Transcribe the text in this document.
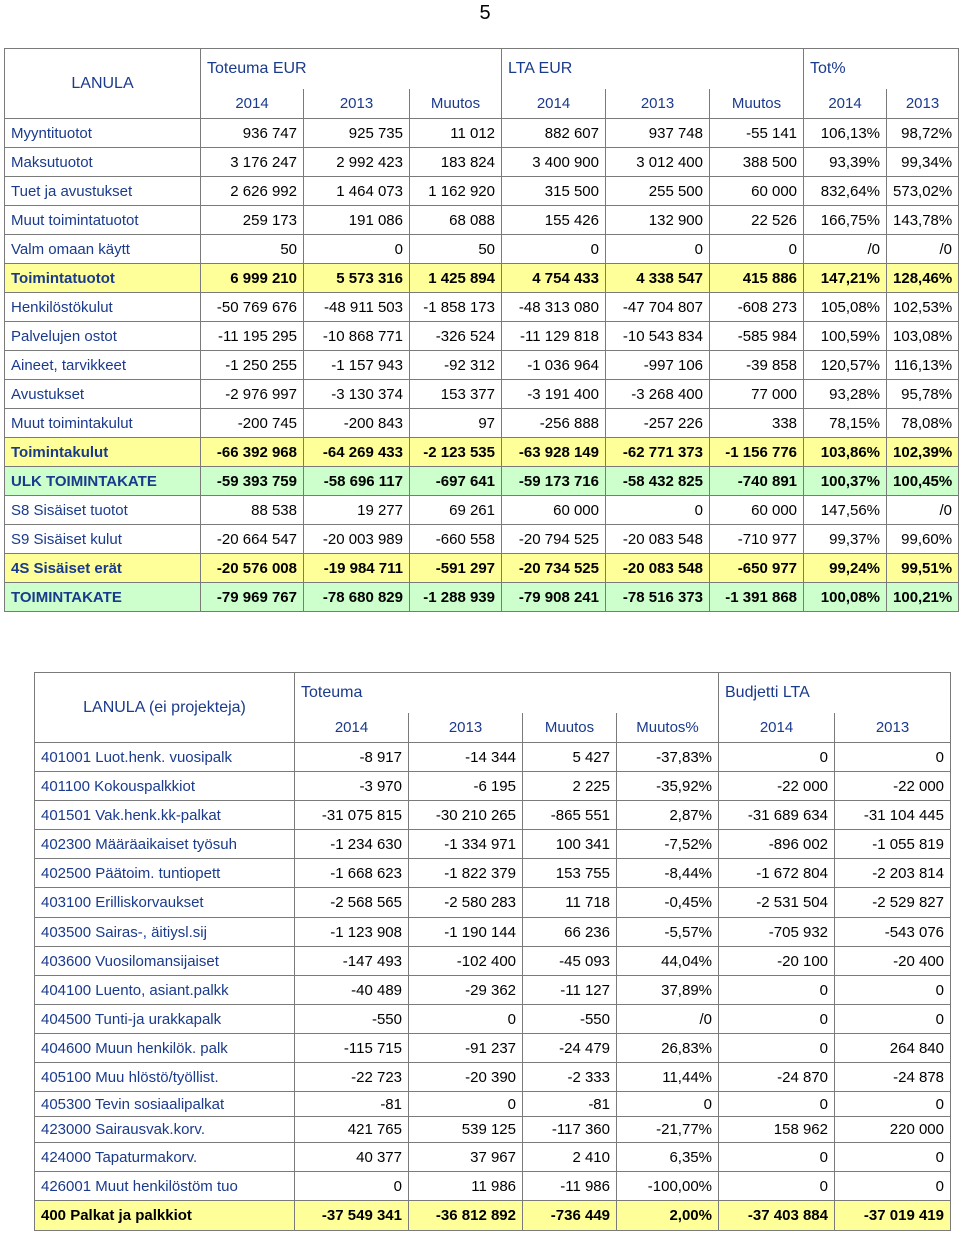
5
LANULA	Toteuma EUR			LTA EUR			Tot%	
	2014	2013	Muutos	2014	2013	Muutos	2014	2013
Myyntituotot	936 747	925 735	11 012	882 607	937 748	-55 141	106,13%	98,72%
Maksutuotot	3 176 247	2 992 423	183 824	3 400 900	3 012 400	388 500	93,39%	99,34%
Tuet ja avustukset	2 626 992	1 464 073	1 162 920	315 500	255 500	60 000	832,64%	573,02%
Muut toimintatuotot	259 173	191 086	68 088	155 426	132 900	22 526	166,75%	143,78%
Valm omaan käytt	50	0	50	0	0	0	/0	/0
Toimintatuotot	6 999 210	5 573 316	1 425 894	4 754 433	4 338 547	415 886	147,21%	128,46%
Henkilöstökulut	-50 769 676	-48 911 503	-1 858 173	-48 313 080	-47 704 807	-608 273	105,08%	102,53%
Palvelujen ostot	-11 195 295	-10 868 771	-326 524	-11 129 818	-10 543 834	-585 984	100,59%	103,08%
Aineet, tarvikkeet	-1 250 255	-1 157 943	-92 312	-1 036 964	-997 106	-39 858	120,57%	116,13%
Avustukset	-2 976 997	-3 130 374	153 377	-3 191 400	-3 268 400	77 000	93,28%	95,78%
Muut toimintakulut	-200 745	-200 843	97	-256 888	-257 226	338	78,15%	78,08%
Toimintakulut	-66 392 968	-64 269 433	-2 123 535	-63 928 149	-62 771 373	-1 156 776	103,86%	102,39%
ULK TOIMINTAKATE	-59 393 759	-58 696 117	-697 641	-59 173 716	-58 432 825	-740 891	100,37%	100,45%
S8 Sisäiset tuotot	88 538	19 277	69 261	60 000	0	60 000	147,56%	/0
S9 Sisäiset kulut	-20 664 547	-20 003 989	-660 558	-20 794 525	-20 083 548	-710 977	99,37%	99,60%
4S Sisäiset erät	-20 576 008	-19 984 711	-591 297	-20 734 525	-20 083 548	-650 977	99,24%	99,51%
TOIMINTAKATE	-79 969 767	-78 680 829	-1 288 939	-79 908 241	-78 516 373	-1 391 868	100,08%	100,21%
LANULA (ei projekteja)	Toteuma				Budjetti LTA	
	2014	2013	Muutos	Muutos%	2014	2013
401001 Luot.henk. vuosipalk	-8 917	-14 344	5 427	-37,83%	0	0
401100 Kokouspalkkiot	-3 970	-6 195	2 225	-35,92%	-22 000	-22 000
401501 Vak.henk.kk-palkat	-31 075 815	-30 210 265	-865 551	2,87%	-31 689 634	-31 104 445
402300 Määräaikaiset työsuh	-1 234 630	-1 334 971	100 341	-7,52%	-896 002	-1 055 819
402500 Päätoim. tuntiopett	-1 668 623	-1 822 379	153 755	-8,44%	-1 672 804	-2 203 814
403100 Erilliskorvaukset	-2 568 565	-2 580 283	11 718	-0,45%	-2 531 504	-2 529 827
403500 Sairas-, äitiysl.sij	-1 123 908	-1 190 144	66 236	-5,57%	-705 932	-543 076
403600 Vuosilomansijaiset	-147 493	-102 400	-45 093	44,04%	-20 100	-20 400
404100 Luento, asiant.palkk	-40 489	-29 362	-11 127	37,89%	0	0
404500 Tunti-ja urakkapalk	-550	0	-550	/0	0	0
404600 Muun henkilök. palk	-115 715	-91 237	-24 479	26,83%	0	264 840
405100 Muu hlöstö/työllist.	-22 723	-20 390	-2 333	11,44%	-24 870	-24 878
405300 Tevin sosiaalipalkat	-81	0	-81	0	0	0
423000 Sairausvak.korv.	421 765	539 125	-117 360	-21,77%	158 962	220 000
424000 Tapaturmakorv.	40 377	37 967	2 410	6,35%	0	0
426001 Muut henkilöstöm tuo	0	11 986	-11 986	-100,00%	0	0
400 Palkat ja palkkiot	-37 549 341	-36 812 892	-736 449	2,00%	-37 403 884	-37 019 419
